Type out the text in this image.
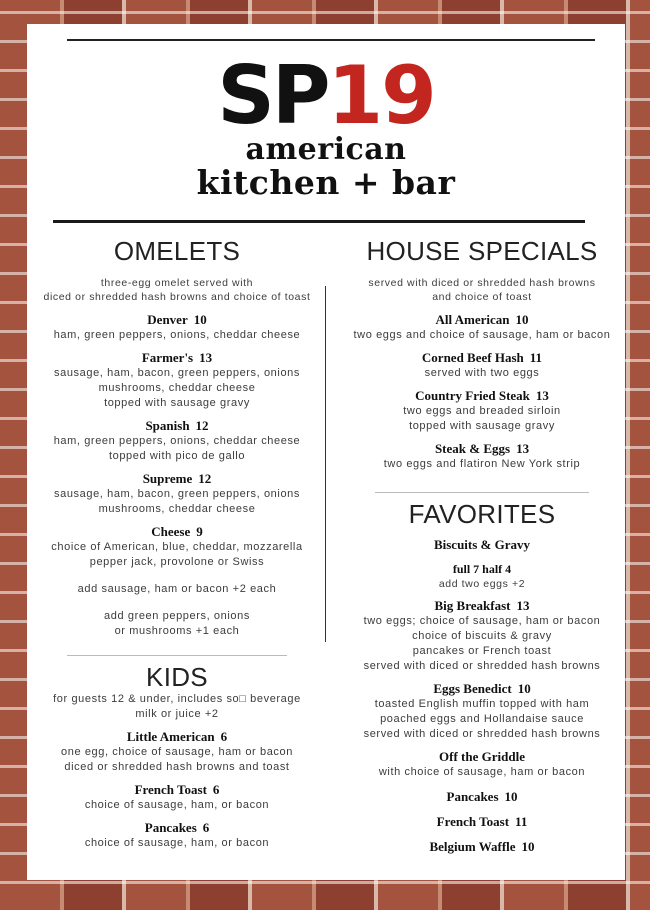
SP19
american
kitchen + bar
OMELETS
three-egg omelet served with
diced or shredded hash browns and choice of toast
Denver 10
ham, green peppers, onions, cheddar cheese
Farmer's 13
sausage, ham, bacon, green peppers, onions
mushrooms, cheddar cheese
topped with sausage gravy
Spanish 12
ham, green peppers, onions, cheddar cheese
topped with pico de gallo
Supreme 12
sausage, ham, bacon, green peppers, onions
mushrooms, cheddar cheese
Cheese 9
choice of American, blue, cheddar, mozzarella
pepper jack, provolone or Swiss
add sausage, ham or bacon +2 each
add green peppers, onions
or mushrooms +1 each
KIDS
for guests 12 & under, includes so□ beverage
milk or juice +2
Little American 6
one egg, choice of sausage, ham or bacon
diced or shredded hash browns and toast
French Toast 6
choice of sausage, ham, or bacon
Pancakes 6
choice of sausage, ham, or bacon
HOUSE SPECIALS
served with diced or shredded hash browns
and choice of toast
All American 10
two eggs and choice of sausage, ham or bacon
Corned Beef Hash 11
served with two eggs
Country Fried Steak 13
two eggs and breaded sirloin
topped with sausage gravy
Steak & Eggs 13
two eggs and flatiron New York strip
FAVORITES
Biscuits & Gravy
full 7 half 4
add two eggs +2
Big Breakfast 13
two eggs; choice of sausage, ham or bacon
choice of biscuits & gravy
pancakes or French toast
served with diced or shredded hash browns
Eggs Benedict 10
toasted English muffin topped with ham
poached eggs and Hollandaise sauce
served with diced or shredded hash browns
Off the Griddle
with choice of sausage, ham or bacon
Pancakes 10
French Toast 11
Belgium Waffle 10
